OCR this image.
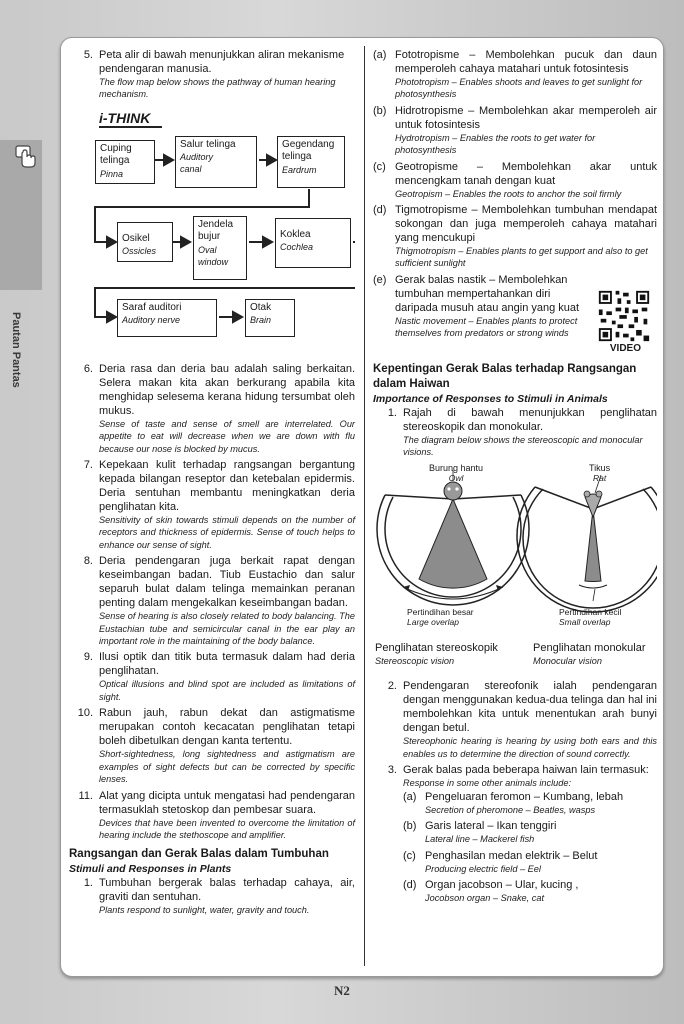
Pautan Pantas
5. Peta alir di bawah menunjukkan aliran mekanisme pendengaran manusia.
The flow map below shows the pathway of human hearing mechanism.
i-THINK
Cuping
telinga
Pinna
Salur telinga
Auditory
canal
Gegendang
telinga
Eardrum
Osikel
Ossicles
Jendela
bujur
Oval
window
Koklea
Cochlea
Saraf auditori
Auditory nerve
Otak
Brain
6. Deria rasa dan deria bau adalah saling berkaitan. Selera makan kita akan berkurang apabila kita menghidap selesema kerana hidung tersumbat oleh mukus.
Sense of taste and sense of smell are interrelated. Our appetite to eat will decrease when we are down with flu because our nose is blocked by mucus.
7. Kepekaan kulit terhadap rangsangan bergantung kepada bilangan reseptor dan ketebalan epidermis. Deria sentuhan membantu meningkatkan deria penglihatan kita.
Sensitivity of skin towards stimuli depends on the number of receptors and thickness of epidermis. Sense of touch helps to enhance our sense of sight.
8. Deria pendengaran juga berkait rapat dengan keseimbangan badan. Tiub Eustachio dan salur separuh bulat dalam telinga memainkan peranan penting dalam mengekalkan keseimbangan badan.
Sense of hearing is also closely related to body balancing. The Eustachian tube and semicircular canal in the ear play an important role in the maintaining of the body balance.
9. Ilusi optik dan titik buta termasuk dalam had deria penglihatan.
Optical illusions and blind spot are included as limitations of sight.
10. Rabun jauh, rabun dekat dan astigmatisme merupakan contoh kecacatan penglihatan tetapi boleh dibetulkan dengan kanta tertentu.
Short-sightedness, long sightedness and astigmatism are examples of sight defects but can be corrected by specific lenses.
11. Alat yang dicipta untuk mengatasi had pendengaran termasuklah stetoskop dan pembesar suara.
Devices that have been invented to overcome the limitation of hearing include the stethoscope and amplifier.
Rangsangan dan Gerak Balas dalam Tumbuhan
Stimuli and Responses in Plants
1. Tumbuhan bergerak balas terhadap cahaya, air, graviti dan sentuhan.
Plants respond to sunlight, water, gravity and touch.
(a) Fototropisme – Membolehkan pucuk dan daun memperoleh cahaya matahari untuk fotosintesis
Phototropism – Enables shoots and leaves to get sunlight for photosynthesis
(b) Hidrotropisme – Membolehkan akar memperoleh air untuk fotosintesis
Hydrotropism – Enables the roots to get water for photosynthesis
(c) Geotropisme – Membolehkan akar untuk mencengkam tanah dengan kuat
Geotropism – Enables the roots to anchor the soil firmly
(d) Tigmotropisme – Membolehkan tumbuhan mendapat sokongan dan juga memperoleh cahaya matahari yang mencukupi
Thigmotropism – Enables plants to get support and also to get sufficient sunlight
(e) Gerak balas nastik – Membolehkan tumbuhan mempertahankan diri daripada musuh atau angin yang kuat
Nastic movement – Enables plants to protect themselves from predators or strong winds
VIDEO
Kepentingan Gerak Balas terhadap Rangsangan dalam Haiwan
Importance of Responses to Stimuli in Animals
1. Rajah di bawah menunjukkan penglihatan stereoskopik dan monokular.
The diagram below shows the stereoscopic and monocular visions.
Burung hantu
Owl
Tikus
Rat
Pertindihan besar
Large overlap
Pertindihan kecil
Small overlap
Penglihatan stereoskopik
Stereoscopic vision
Penglihatan monokular
Monocular vision
2. Pendengaran stereofonik ialah pendengaran dengan menggunakan kedua-dua telinga dan hal ini membolehkan kita untuk menentukan arah bunyi dengan betul.
Stereophonic hearing is hearing by using both ears and this enables us to determine the direction of sound correctly.
3. Gerak balas pada beberapa haiwan lain termasuk:
Response in some other animals include:
(a) Pengeluaran feromon – Kumbang, lebah
Secretion of pheromone – Beatles, wasps
(b) Garis lateral – Ikan tenggiri
Lateral line – Mackerel fish
(c) Penghasilan medan elektrik – Belut
Producing electric field – Eel
(d) Organ jacobson – Ular, kucing ,
Jocobson organ – Snake, cat
N2
